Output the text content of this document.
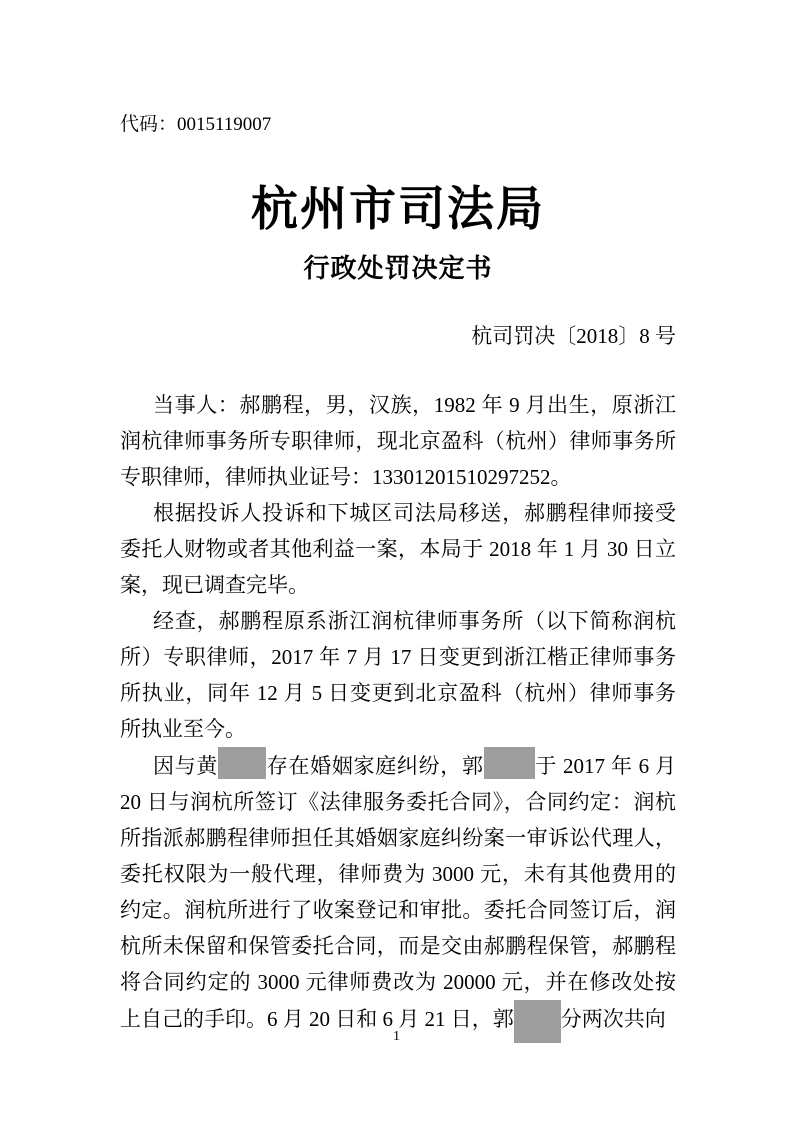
代码：0015119007
杭州市司法局
行政处罚决定书
杭司罚决〔2018〕8 号

当事人：郝鹏程，男，汉族，1982 年 9 月出生，原浙江润杭律师事务所专职律师，现北京盈科（杭州）律师事务所专职律师，律师执业证号：13301201510297252。

根据投诉人投诉和下城区司法局移送，郝鹏程律师接受委托人财物或者其他利益一案，本局于 2018 年 1 月 30 日立案，现已调查完毕。

经查，郝鹏程原系浙江润杭律师事务所（以下简称润杭所）专职律师，2017 年 7 月 17 日变更到浙江楷正律师事务所执业，同年 12 月 5 日变更到北京盈科（杭州）律师事务所执业至今。

因与黄 存在婚姻家庭纠纷，郭 于 2017 年 6 月 20 日与润杭所签订《法律服务委托合同》，合同约定：润杭所指派郝鹏程律师担任其婚姻家庭纠纷案一审诉讼代理人，委托权限为一般代理，律师费为 3000 元，未有其他费用的约定。润杭所进行了收案登记和审批。委托合同签订后，润杭所未保留和保管委托合同，而是交由郝鹏程保管，郝鹏程将合同约定的 3000 元律师费改为 20000 元，并在修改处按上自己的手印。6 月 20 日和 6 月 21 日，郭 分两次共向

1
